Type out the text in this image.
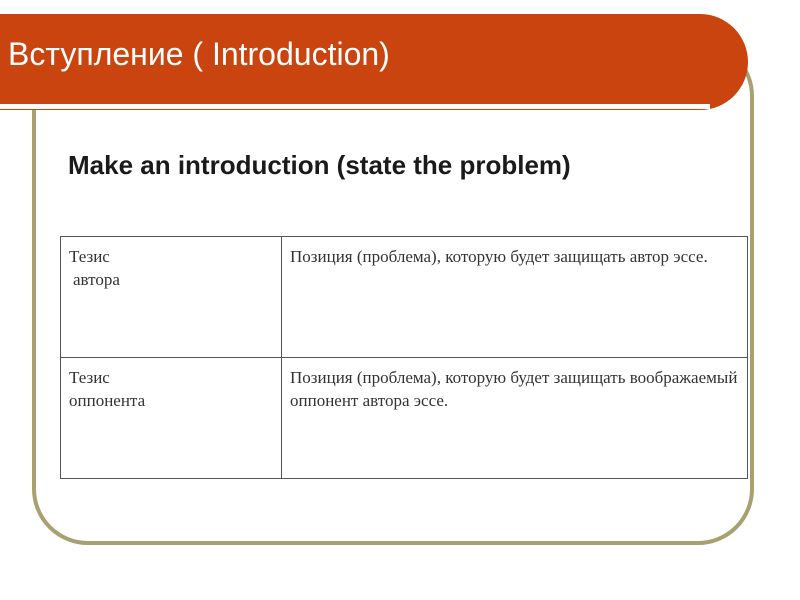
Вступление ( Introduction)
Make an introduction (state the problem)
Тезис
автора	Позиция (проблема), которую будет защищать автор эссе.

Тезис
оппонента	Позиция (проблема), которую будет защищать воображаемый оппонент автора эссе.
